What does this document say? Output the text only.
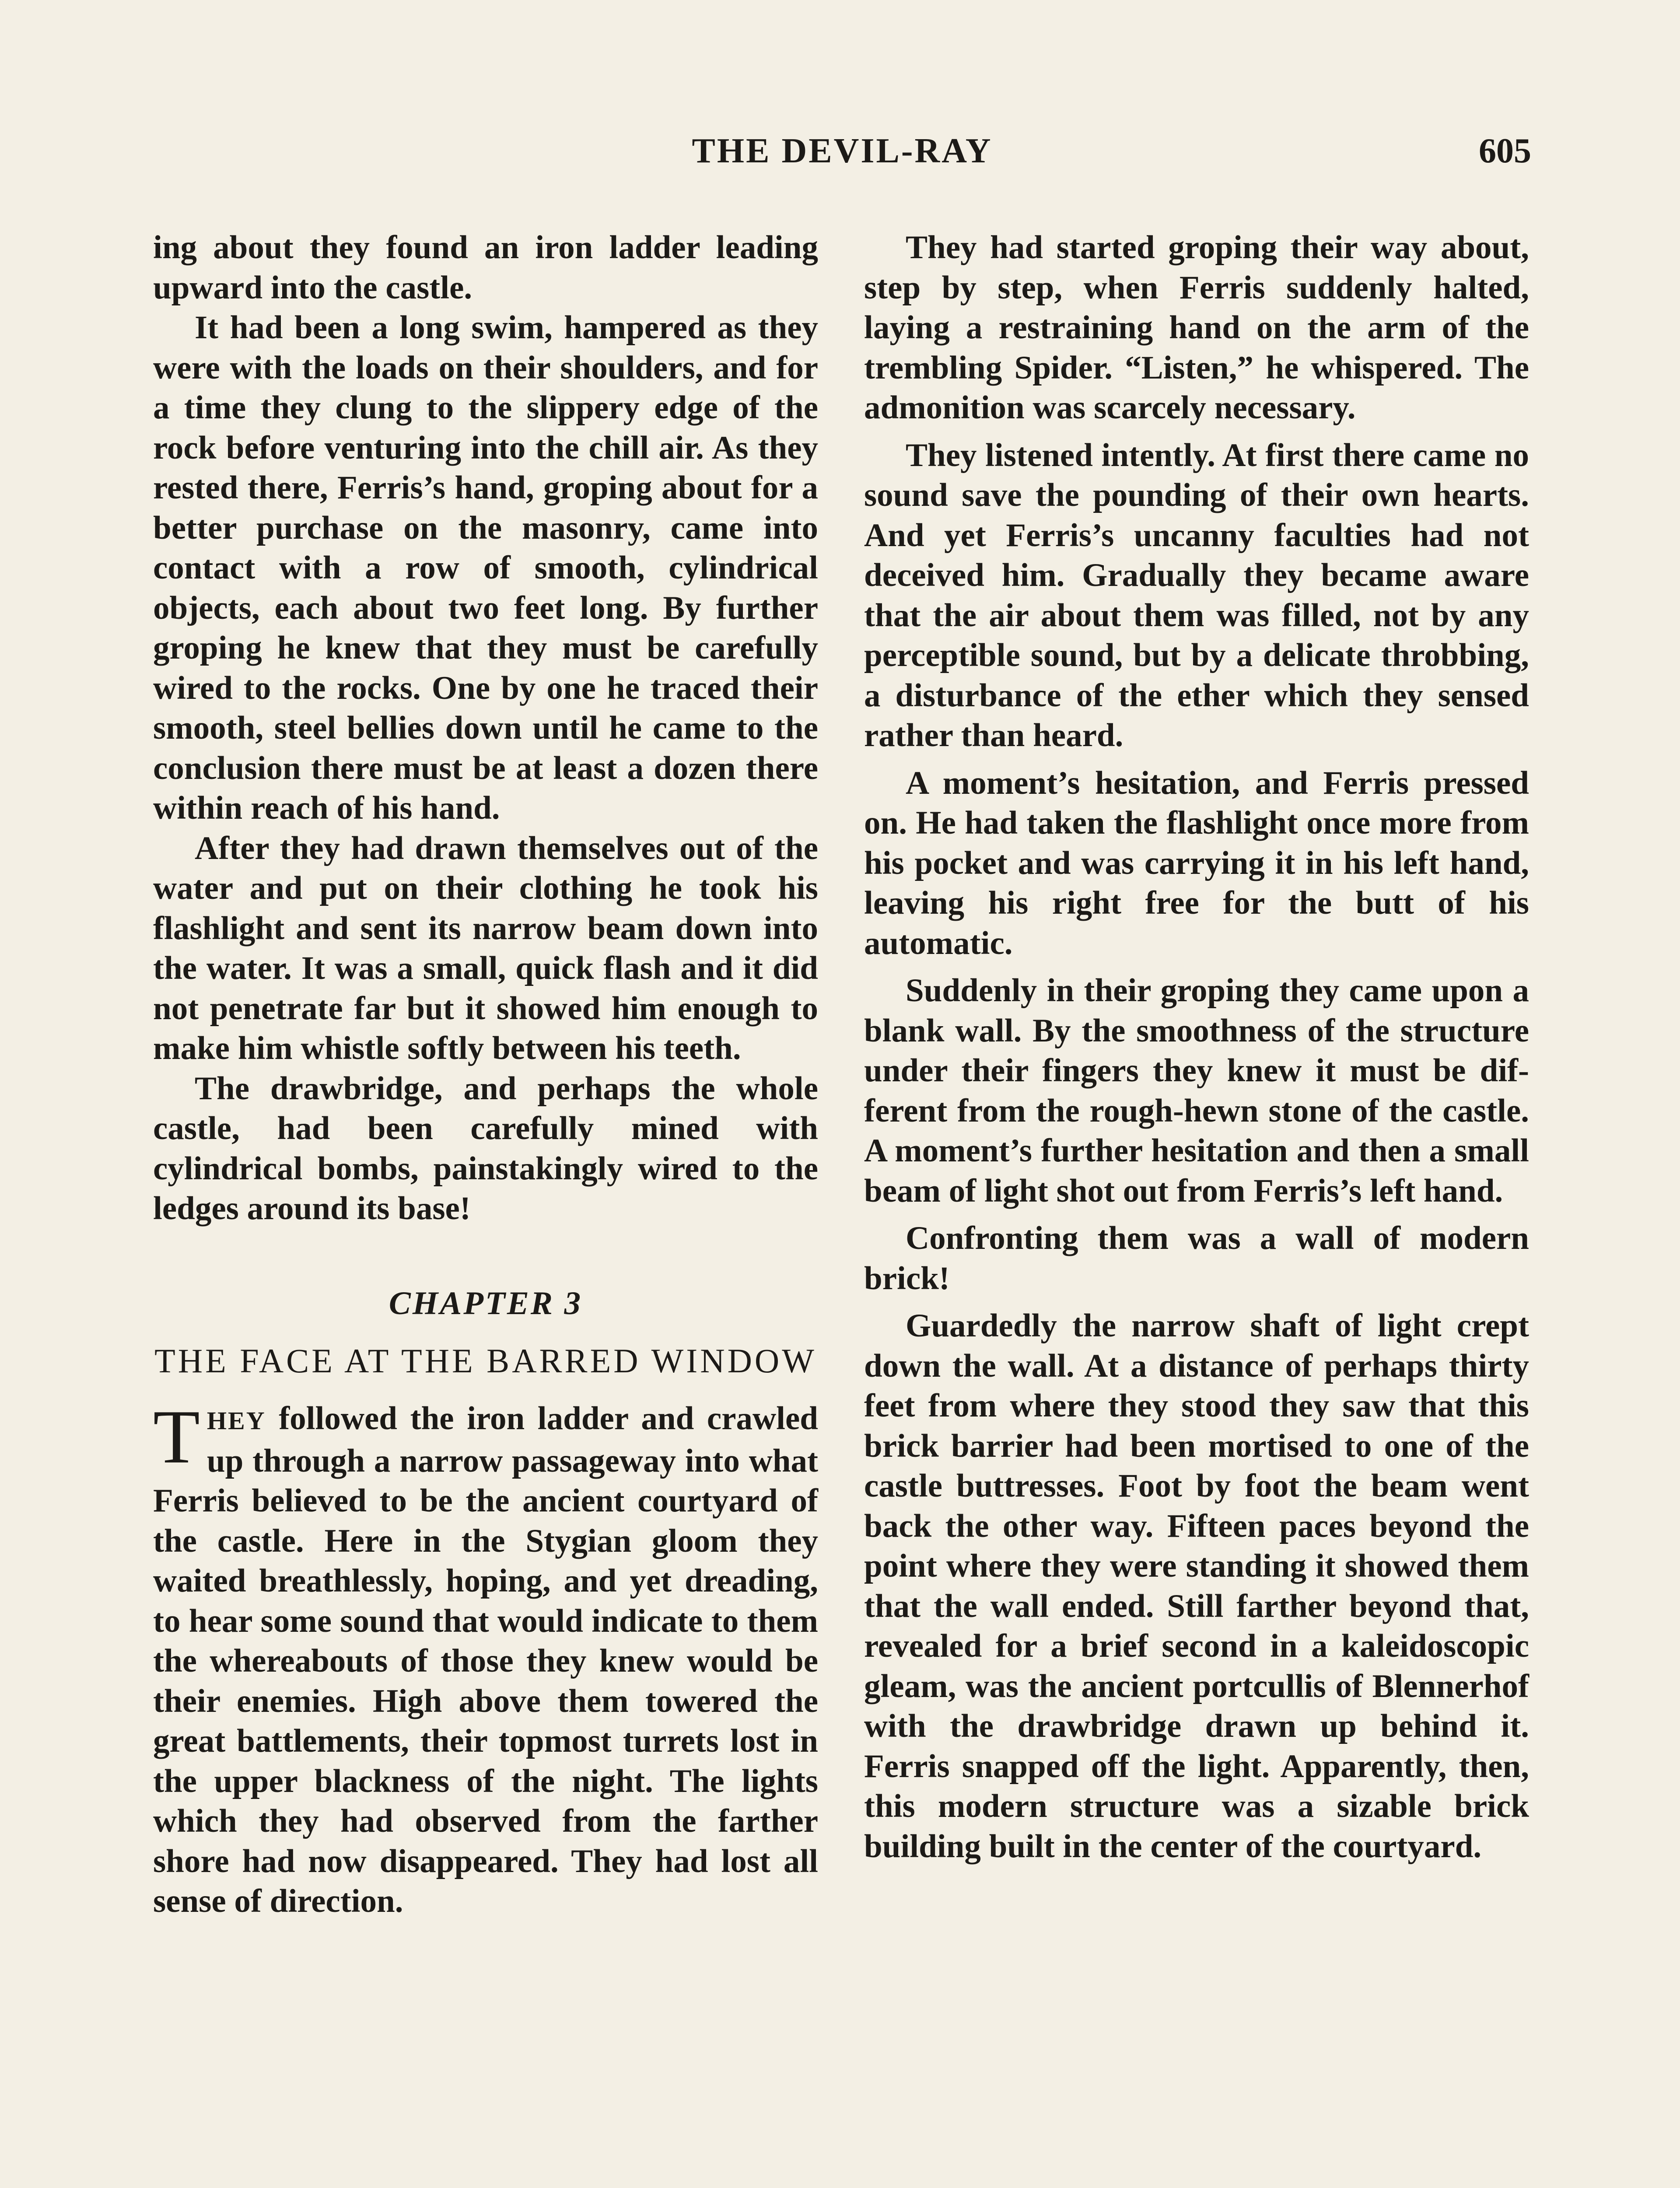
THE DEVIL-RAY	605

ing about they found an iron ladder leading upward into the castle.

It had been a long swim, hampered as they were with the loads on their shoulders, and for a time they clung to the slippery edge of the rock before venturing into the chill air. As they rested there, Ferris’s hand, groping about for a better purchase on the masonry, came into contact with a row of smooth, cylindrical objects, each about two feet long. By further groping he knew that they must be carefully wired to the rocks. One by one he traced their smooth, steel bellies down until he came to the conclusion there must be at least a dozen there within reach of his hand.

After they had drawn themselves out of the water and put on their clothing he took his flashlight and sent its narrow beam down into the water. It was a small, quick flash and it did not penetrate far but it showed him enough to make him whistle softly between his teeth.

The drawbridge, and perhaps the whole castle, had been carefully mined with cylindrical bombs, painstakingly wired to the ledges around its base!

CHAPTER 3
THE FACE AT THE BARRED WINDOW

THEY followed the iron ladder and crawled up through a narrow passageway into what Ferris believed to be the ancient courtyard of the castle. Here in the Stygian gloom they waited breathlessly, hoping, and yet dreading, to hear some sound that would indicate to them the whereabouts of those they knew would be their enemies. High above them towered the great battlements, their topmost turrets lost in the upper blackness of the night. The lights which they had observed from the farther shore had now disappeared. They had lost all sense of direction.

They had started groping their way about, step by step, when Ferris suddenly halted, laying a restraining hand on the arm of the trembling Spider. “Listen,” he whispered. The admonition was scarcely necessary.

They listened intently. At first there came no sound save the pounding of their own hearts. And yet Ferris’s uncanny faculties had not deceived him. Gradually they became aware that the air about them was filled, not by any perceptible sound, but by a delicate throbbing, a disturbance of the ether which they sensed rather than heard.

A moment’s hesitation, and Ferris pressed on. He had taken the flashlight once more from his pocket and was carrying it in his left hand, leaving his right free for the butt of his automatic.

Suddenly in their groping they came upon a blank wall. By the smoothness of the structure under their fingers they knew it must be different from the rough-hewn stone of the castle. A moment’s further hesitation and then a small beam of light shot out from Ferris’s left hand.

Confronting them was a wall of modern brick!

Guardedly the narrow shaft of light crept down the wall. At a distance of perhaps thirty feet from where they stood they saw that this brick barrier had been mortised to one of the castle buttresses. Foot by foot the beam went back the other way. Fifteen paces beyond the point where they were standing it showed them that the wall ended. Still farther beyond that, revealed for a brief second in a kaleidoscopic gleam, was the ancient portcullis of Blennerhof with the drawbridge drawn up behind it. Ferris snapped off the light. Apparently, then, this modern structure was a sizable brick building built in the center of the courtyard.
